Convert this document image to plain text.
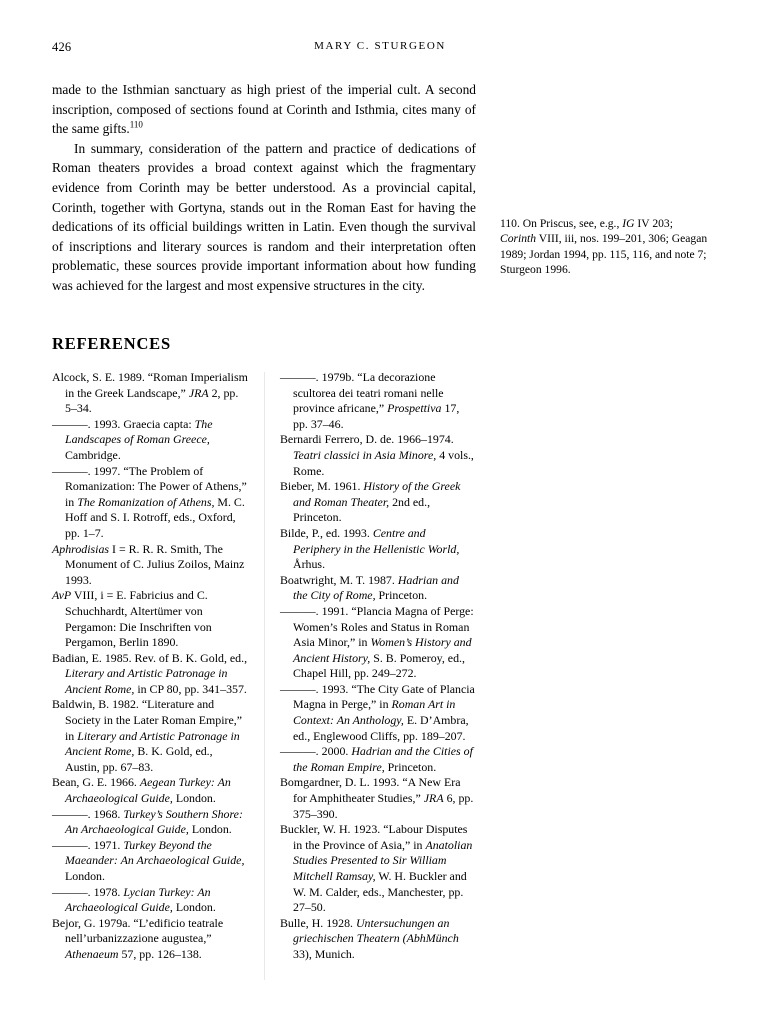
426	MARY C. STURGEON

made to the Isthmian sanctuary as high priest of the imperial cult. A second inscription, composed of sections found at Corinth and Isthmia, cites many of the same gifts.$^{110}$

In summary, consideration of the pattern and practice of dedications of Roman theaters provides a broad context against which the fragmentary evidence from Corinth may be better understood. As a provincial capital, Corinth, together with Gortyna, stands out in the Roman East for having the dedications of its official buildings written in Latin. Even though the survival of inscriptions and literary sources is random and their interpretation often problematic, these sources provide important information about how funding was achieved for the largest and most expensive structures in the city.

110. On Priscus, see, e.g., IG IV 203; Corinth VIII, iii, nos. 199–201, 306; Geagan 1989; Jordan 1994, pp. 115, 116, and note 7; Sturgeon 1996.
REFERENCES

Alcock, S. E. 1989. “Roman Imperialism in the Greek Landscape,” JRA 2, pp. 5–34.

———. 1993. Graecia capta: The Landscapes of Roman Greece, Cambridge.

———. 1997. “The Problem of Romanization: The Power of Athens,” in The Romanization of Athens, M. C. Hoff and S. I. Rotroff, eds., Oxford, pp. 1–7.

Aphrodisias I = R. R. R. Smith, The Monument of C. Julius Zoilos, Mainz 1993.

AvP VIII, i = E. Fabricius and C. Schuchhardt, Altertümer von Pergamon: Die Inschriften von Pergamon, Berlin 1890.

Badian, E. 1985. Rev. of B. K. Gold, ed., Literary and Artistic Patronage in Ancient Rome, in CP 80, pp. 341–357.

Baldwin, B. 1982. “Literature and Society in the Later Roman Empire,” in Literary and Artistic Patronage in Ancient Rome, B. K. Gold, ed., Austin, pp. 67–83.

Bean, G. E. 1966. Aegean Turkey: An Archaeological Guide, London.

———. 1968. Turkey’s Southern Shore: An Archaeological Guide, London.

———. 1971. Turkey Beyond the Maeander: An Archaeological Guide, London.

———. 1978. Lycian Turkey: An Archaeological Guide, London.

Bejor, G. 1979a. “L’edificio teatrale nell’urbanizzazione augustea,” Athenaeum 57, pp. 126–138.

———. 1979b. “La decorazione scultorea dei teatri romani nelle province africane,” Prospettiva 17, pp. 37–46.

Bernardi Ferrero, D. de. 1966–1974. Teatri classici in Asia Minore, 4 vols., Rome.

Bieber, M. 1961. History of the Greek and Roman Theater, 2nd ed., Princeton.

Bilde, P., ed. 1993. Centre and Periphery in the Hellenistic World, Århus.

Boatwright, M. T. 1987. Hadrian and the City of Rome, Princeton.

———. 1991. “Plancia Magna of Perge: Women’s Roles and Status in Roman Asia Minor,” in Women’s History and Ancient History, S. B. Pomeroy, ed., Chapel Hill, pp. 249–272.

———. 1993. “The City Gate of Plancia Magna in Perge,” in Roman Art in Context: An Anthology, E. D’Ambra, ed., Englewood Cliffs, pp. 189–207.

———. 2000. Hadrian and the Cities of the Roman Empire, Princeton.

Bomgardner, D. L. 1993. “A New Era for Amphitheater Studies,” JRA 6, pp. 375–390.

Buckler, W. H. 1923. “Labour Disputes in the Province of Asia,” in Anatolian Studies Presented to Sir William Mitchell Ramsay, W. H. Buckler and W. M. Calder, eds., Manchester, pp. 27–50.

Bulle, H. 1928. Untersuchungen an griechischen Theatern (AbhMünch 33), Munich.
